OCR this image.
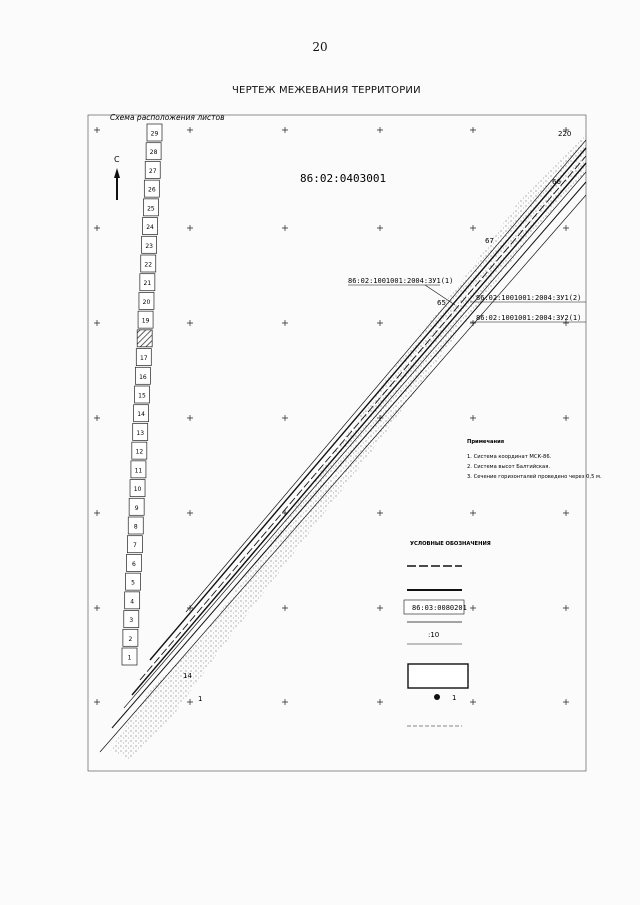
20
ЧЕРТЕЖ МЕЖЕВАНИЯ ТЕРРИТОРИИ
Схема расположения листов
29
28
27
26
25
24
23
22
21
20
19
17
16
15
14
13
12
11
10
9
8
7
6
5
4
3
2
1
С
86:02:0403001
86:02:1001001:2004:ЗУ1(1)
86:02:1001001:2004:ЗУ1(2)
86:02:1001001:2004:ЗУ2(1)
220
66
67
65
14
1
Примечания
1. Система координат МСК-86.
2. Система высот Балтийская.
3. Сечение горизонталей проведено через 0,5 м.
УСЛОВНЫЕ ОБОЗНАЧЕНИЯ
86:03:0080201
:10
1
